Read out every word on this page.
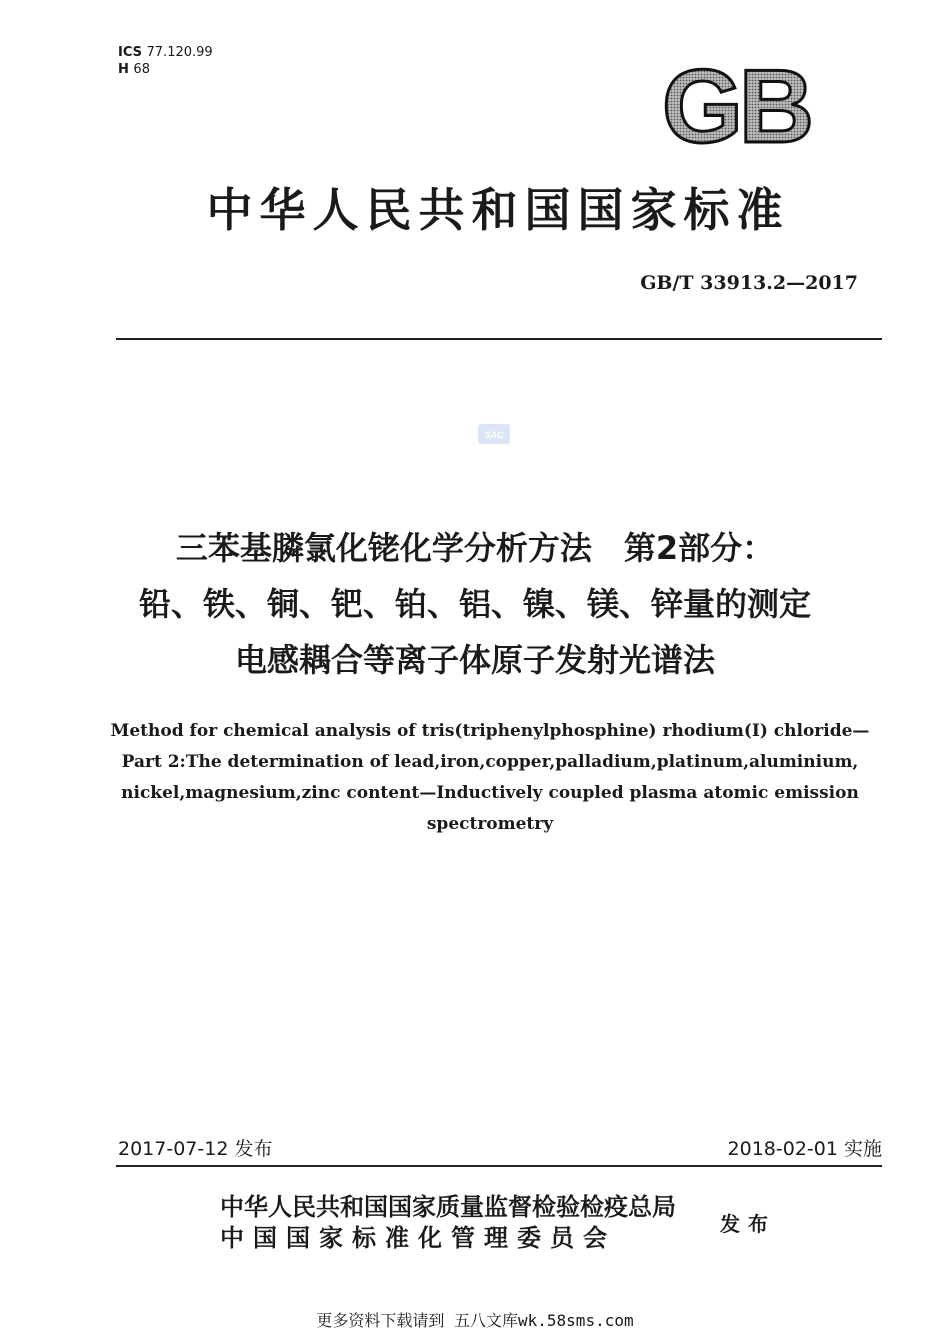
ICS 77.120.99
H 68	GB
中华人民共和国国家标准
GB/T 33913.2—2017
SAC
三苯基膦氯化铑化学分析方法　第2部分：
铅、铁、铜、钯、铂、铝、镍、镁、锌量的测定
电感耦合等离子体原子发射光谱法
Method for chemical analysis of tris(triphenylphosphine) rhodium(I) chloride—
Part 2:The determination of lead,iron,copper,palladium,platinum,aluminium,
nickel,magnesium,zinc content—Inductively coupled plasma atomic emission
spectrometry
2017-07-12 发布	2018-02-01 实施
中华人民共和国国家质量监督检验检疫总局
中国国家标准化管理委员会	发布
更多资料下载请到 五八文库wk.58sms.com
